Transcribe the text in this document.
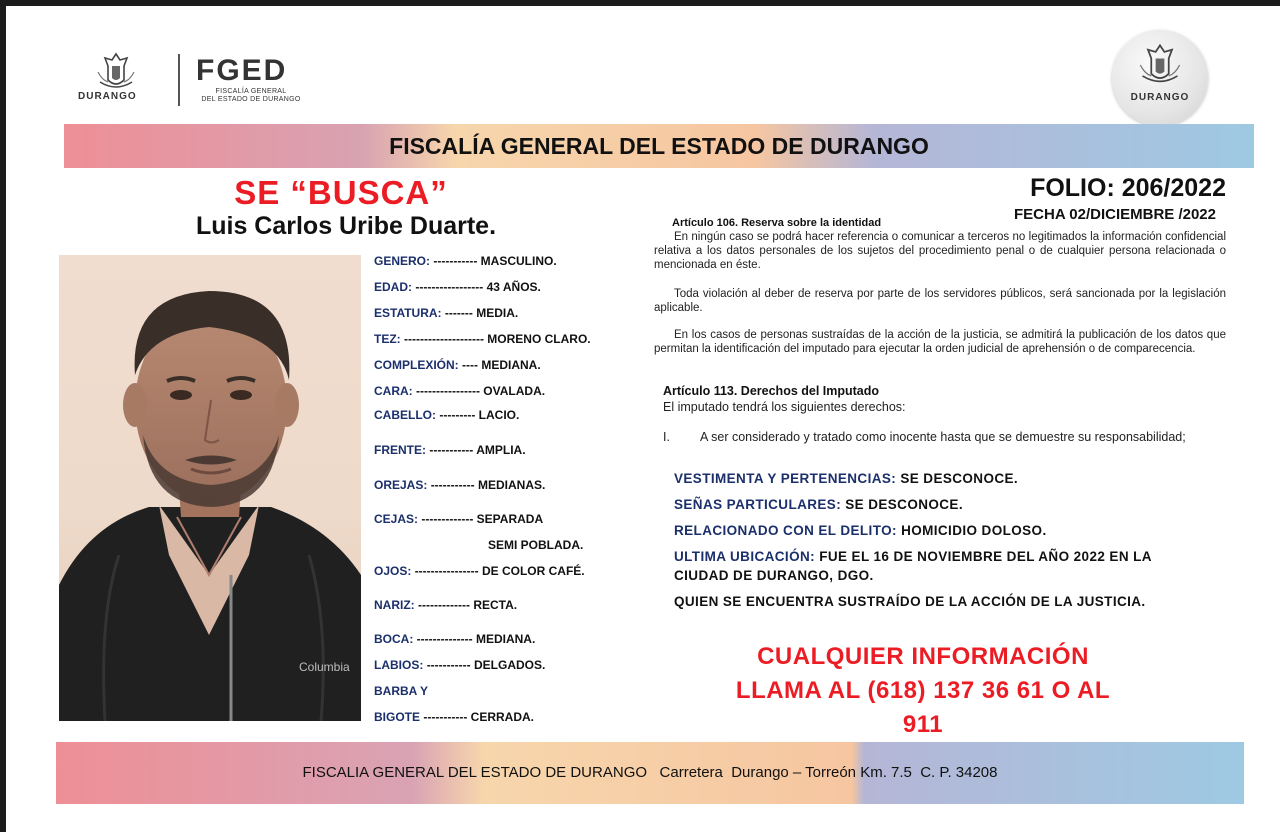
DURANGO
FGED
FISCALÍA GENERAL
DEL ESTADO DE DURANGO	DURANGO
FISCALÍA GENERAL DEL ESTADO DE DURANGO
SE “BUSCA”
Luis Carlos Uribe Duarte.
FOLIO: 206/2022
FECHA 02/DICIEMBRE /2022
Columbia
GENERO: ----------- MASCULINO.
EDAD: ----------------- 43 AÑOS.
ESTATURA: ------- MEDIA.
TEZ: -------------------- MORENO CLARO.
COMPLEXIÓN: ---- MEDIANA.
CARA: ---------------- OVALADA.
CABELLO: --------- LACIO.
FRENTE: ----------- AMPLIA.
OREJAS: ----------- MEDIANAS.
CEJAS: ------------- SEPARADA
SEMI POBLADA.
OJOS: ---------------- DE COLOR CAFÉ.
NARIZ: ------------- RECTA.
BOCA: -------------- MEDIANA.
LABIOS: ----------- DELGADOS.
BARBA Y
BIGOTE ----------- CERRADA.
Artículo 106. Reserva sobre la identidad
En ningún caso se podrá hacer referencia o comunicar a terceros no legitimados la información confidencial relativa a los datos personales de los sujetos del procedimiento penal o de cualquier persona relacionada o mencionada en éste.
Toda violación al deber de reserva por parte de los servidores públicos, será sancionada por la legislación aplicable.
En los casos de personas sustraídas de la acción de la justicia, se admitirá la publicación de los datos que permitan la identificación del imputado para ejecutar la orden judicial de aprehensión o de comparecencia.
Artículo 113. Derechos del Imputado
El imputado tendrá los siguientes derechos:
I.	A ser considerado y tratado como inocente hasta que se demuestre su responsabilidad;
VESTIMENTA Y PERTENENCIAS: SE DESCONOCE.
SEÑAS PARTICULARES: SE DESCONOCE.
RELACIONADO CON EL DELITO: HOMICIDIO DOLOSO.
ULTIMA UBICACIÓN: FUE EL 16 DE NOVIEMBRE DEL AÑO 2022 EN LA
CIUDAD DE DURANGO, DGO.
QUIEN SE ENCUENTRA SUSTRAÍDO DE LA ACCIÓN DE LA JUSTICIA.
CUALQUIER INFORMACIÓN
LLAMA AL (618) 137 36 61 O AL
911
FISCALIA GENERAL DEL ESTADO DE DURANGO   Carretera  Durango – Torreón Km. 7.5  C. P. 34208
